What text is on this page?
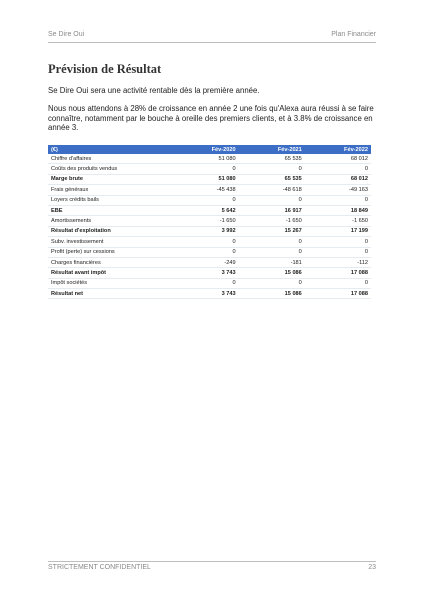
Se Dire Oui	Plan Financier
Prévision de Résultat
Se Dire Oui sera une activité rentable dès la première année.
Nous nous attendons à 28% de croissance en année 2 une fois qu'Alexa aura réussi à se faire connaître, notamment par le bouche à oreille des premiers clients, et à 3.8% de croissance en année 3.
(€)	Fév-2020	Fév-2021	Fév-2022
Chiffre d'affaires	51 080	65 535	68 012
Coûts des produits vendus	0	0	0
Marge brute	51 080	65 535	68 012
Frais généraux	-45 438	-48 618	-49 163
Loyers crédits bails	0	0	0
EBE	5 642	16 917	18 849
Amortissements	-1 650	-1 650	-1 650
Résultat d'exploitation	3 992	15 267	17 199
Subv. investissement	0	0	0
Profit (perte) sur cessions	0	0	0
Charges financières	-249	-181	-112
Résultat avant impôt	3 743	15 086	17 088
Impôt sociétés	0	0	0
Résultat net	3 743	15 086	17 088
STRICTEMENT CONFIDENTIEL	23
